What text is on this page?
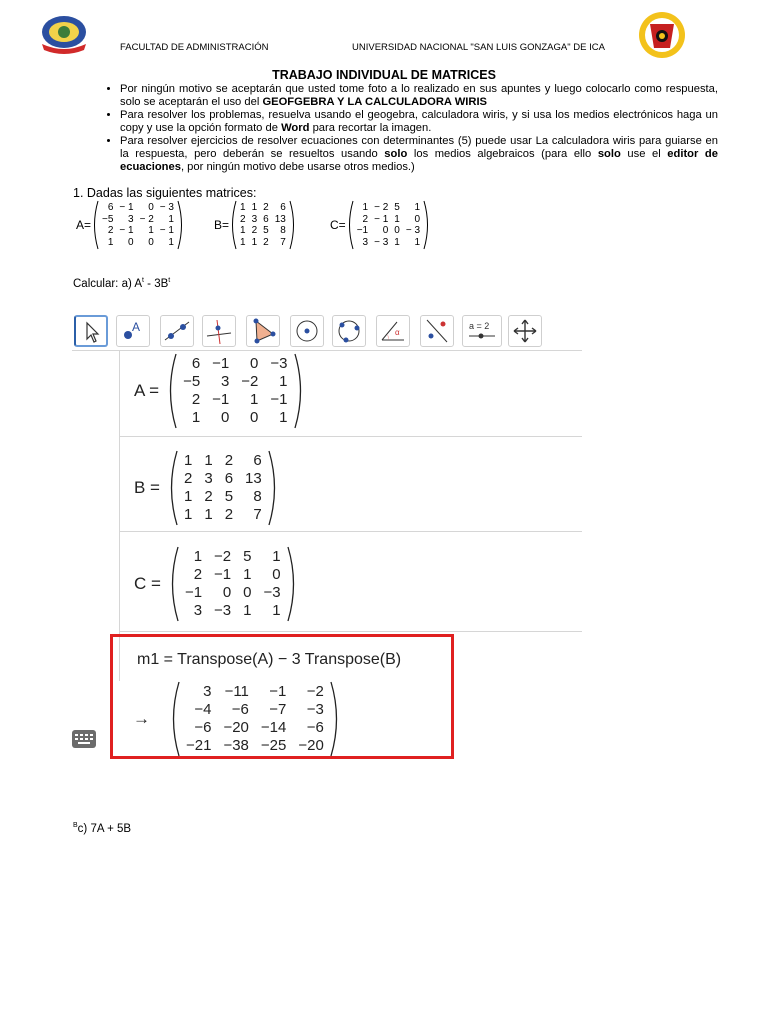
FACULTAD DE ADMINISTRACIÓN	UNIVERSIDAD NACIONAL "SAN LUIS GONZAGA" DE ICA
TRABAJO INDIVIDUAL DE MATRICES
• Por ningún motivo se aceptarán que usted tome foto a lo realizado en sus apuntes y luego colocarlo como respuesta, solo se aceptarán el uso del GEOFGEBRA Y LA CALCULADORA WIRIS
• Para resolver los problemas, resuelva usando el geogebra, calculadora wiris, y si usa los medios electrónicos haga un copy y use la opción formato de Word para recortar la imagen.
• Para resolver ejercicios de resolver ecuaciones con determinantes (5) puede usar La calculadora wiris para guiarse en la respuesta, pero deberán se resueltos usando solo los medios algebraicos (para ello solo use el editor de ecuaciones, por ningún motivo debe usarse otros medios.)
1. Dadas las siguientes matrices:
A=
6	− 1	0	− 3
−5	3	− 2	1
2	− 1	1	− 1
1	0	0	1
B=
1	1	2	6
2	3	6	13
1	2	5	8
1	1	2	7
C=
1	− 2	5	1
2	− 1	1	0
−1	0	0	− 3
3	− 3	1	1
Calcular: a) $A^t - 3B^t$
A	α
a = 2
A =
6	−1	0	−3
−5	3	−2	1
2	−1	1	−1
1	0	0	1
B =
1	1	2	6
2	3	6	13
1	2	5	8
1	1	2	7
C =
1	−2	5	1
2	−1	1	0
−1	0	0	−3
3	−3	1	1
m1 = Transpose(A) − 3 Transpose(B)
→
3	−11	−1	−2
−4	−6	−7	−3
−6	−20	−14	−6
−21	−38	−25	−20
$^B$c) 7A + 5B
